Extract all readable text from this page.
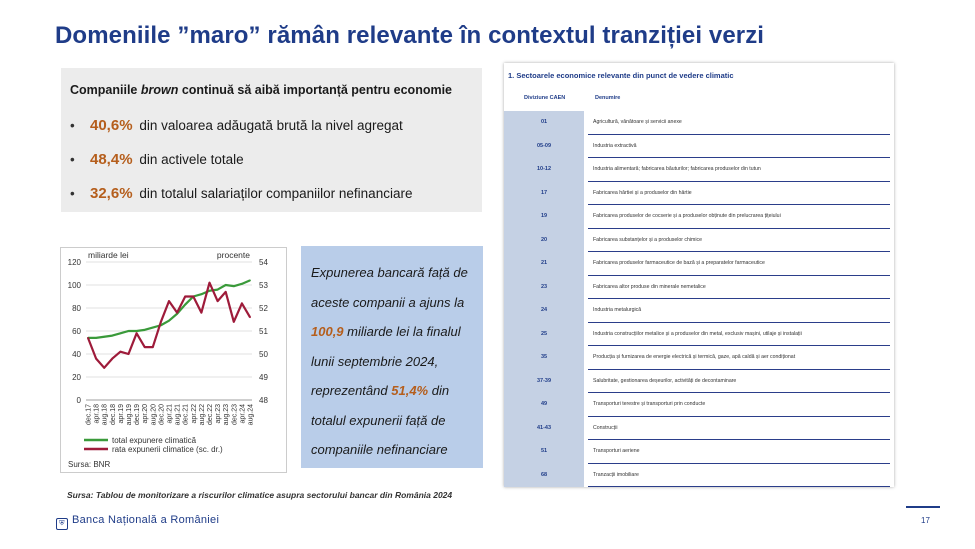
Domeniile ”maro” rămân relevante în contextul tranziției verzi
Companiile brown continuă să aibă importanță pentru economie
• 40,6% din valoarea adăugată brută la nivel agregat
• 48,4% din activele totale
• 32,6% din totalul salariaților companiilor nefinanciare
0
20
40
60
80
100
120
48
49
50
51
52
53
54
miliarde lei	procente
dec.17 apr.18 aug.18 dec.18 apr.19 aug.19 dec.19 apr.20 aug.20 dec.20 apr.21 aug.21 dec.21 apr.22 aug.22 dec.22 apr.23 aug.23 dec.23 apr.24 aug.24
total expunere climatică
rata expunerii climatice (sc. dr.)
Sursa: BNR

Expunerea bancară față de aceste companii a ajuns la 100,9 miliarde lei la finalul lunii septembrie 2024, reprezentând 51,4% din totalul expunerii față de companiile nefinanciare

Sursa: Tablou de monitorizare a riscurilor climatice asupra sectorului bancar din România 2024
1. Sectoarele economice relevante din punct de vedere climatic
Diviziune CAEN	Denumire
01	Agricultură, vânătoare și servicii anexe
05-09	Industria extractivă
10-12	Industria alimentară; fabricarea băuturilor; fabricarea produselor din tutun
17	Fabricarea hârtiei și a produselor din hârtie
19	Fabricarea produselor de cocserie și a produselor obținute din prelucrarea țițeiului
20	Fabricarea substanțelor și a produselor chimice
21	Fabricarea produselor farmaceutice de bază și a preparatelor farmaceutice
23	Fabricarea altor produse din minerale nemetalice
24	Industria metalurgică
25	Industria construcțiilor metalice și a produselor din metal, exclusiv mașini, utilaje și instalații
35	Producția și furnizarea de energie electrică și termică, gaze, apă caldă și aer condiționat
37-39	Salubritate, gestionarea deșeurilor, activități de decontaminare
49	Transporturi terestre și transporturi prin conducte
41-43	Construcții
51	Transporturi aeriene
68	Tranzacții imobiliare
⛨ Banca Națională a României	17
